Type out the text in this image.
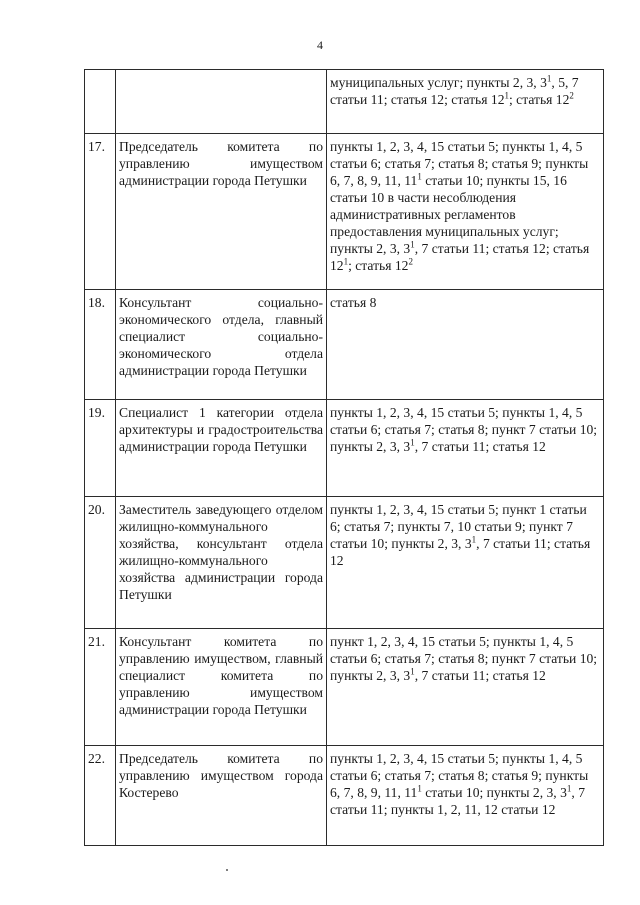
4
		муниципальных услуг; пункты 2, 3, $3^1$, 5, 7 статьи 11; статья 12; статья $12^1$; статья $12^2$
17.	Председатель комитета по управлению имуществом администрации города Петушки	пункты 1, 2, 3, 4, 15 статьи 5; пункты 1, 4, 5 статьи 6; статья 7; статья 8; статья 9; пункты 6, 7, 8, 9, 11, $11^1$ статьи 10; пункты 15, 16 статьи 10 в части несоблюдения административных регламентов предоставления муниципальных услуг; пункты 2, 3, $3^1$, 7 статьи 11; статья 12; статья $12^1$; статья $12^2$
18.	Консультант социально-экономического отдела, главный специалист социально-экономического отдела администрации города Петушки	статья 8
19.	Специалист 1 категории отдела архитектуры и градостроительства администрации города Петушки	пункты 1, 2, 3, 4, 15 статьи 5; пункты 1, 4, 5 статьи 6; статья 7; статья 8; пункт 7 статьи 10; пункты 2, 3, $3^1$, 7 статьи 11; статья 12
20.	Заместитель заведующего отделом жилищно-коммунального хозяйства, консультант отдела жилищно-коммунального хозяйства администрации города Петушки	пункты 1, 2, 3, 4, 15 статьи 5; пункт 1 статьи 6; статья 7; пункты 7, 10 статьи 9; пункт 7 статьи 10; пункты 2, 3, $3^1$, 7 статьи 11; статья 12
21.	Консультант комитета по управлению имуществом, главный специалист комитета по управлению имуществом администрации города Петушки	пункт 1, 2, 3, 4, 15 статьи 5; пункты 1, 4, 5 статьи 6; статья 7; статья 8; пункт 7 статьи 10; пункты 2, 3, $3^1$, 7 статьи 11; статья 12
22.	Председатель комитета по управлению имуществом города Костерево	пункты 1, 2, 3, 4, 15 статьи 5; пункты 1, 4, 5 статьи 6; статья 7; статья 8; статья 9; пункты 6, 7, 8, 9, 11, $11^1$ статьи 10; пункты 2, 3, $3^1$, 7 статьи 11; пункты 1, 2, 11, 12 статьи 12
